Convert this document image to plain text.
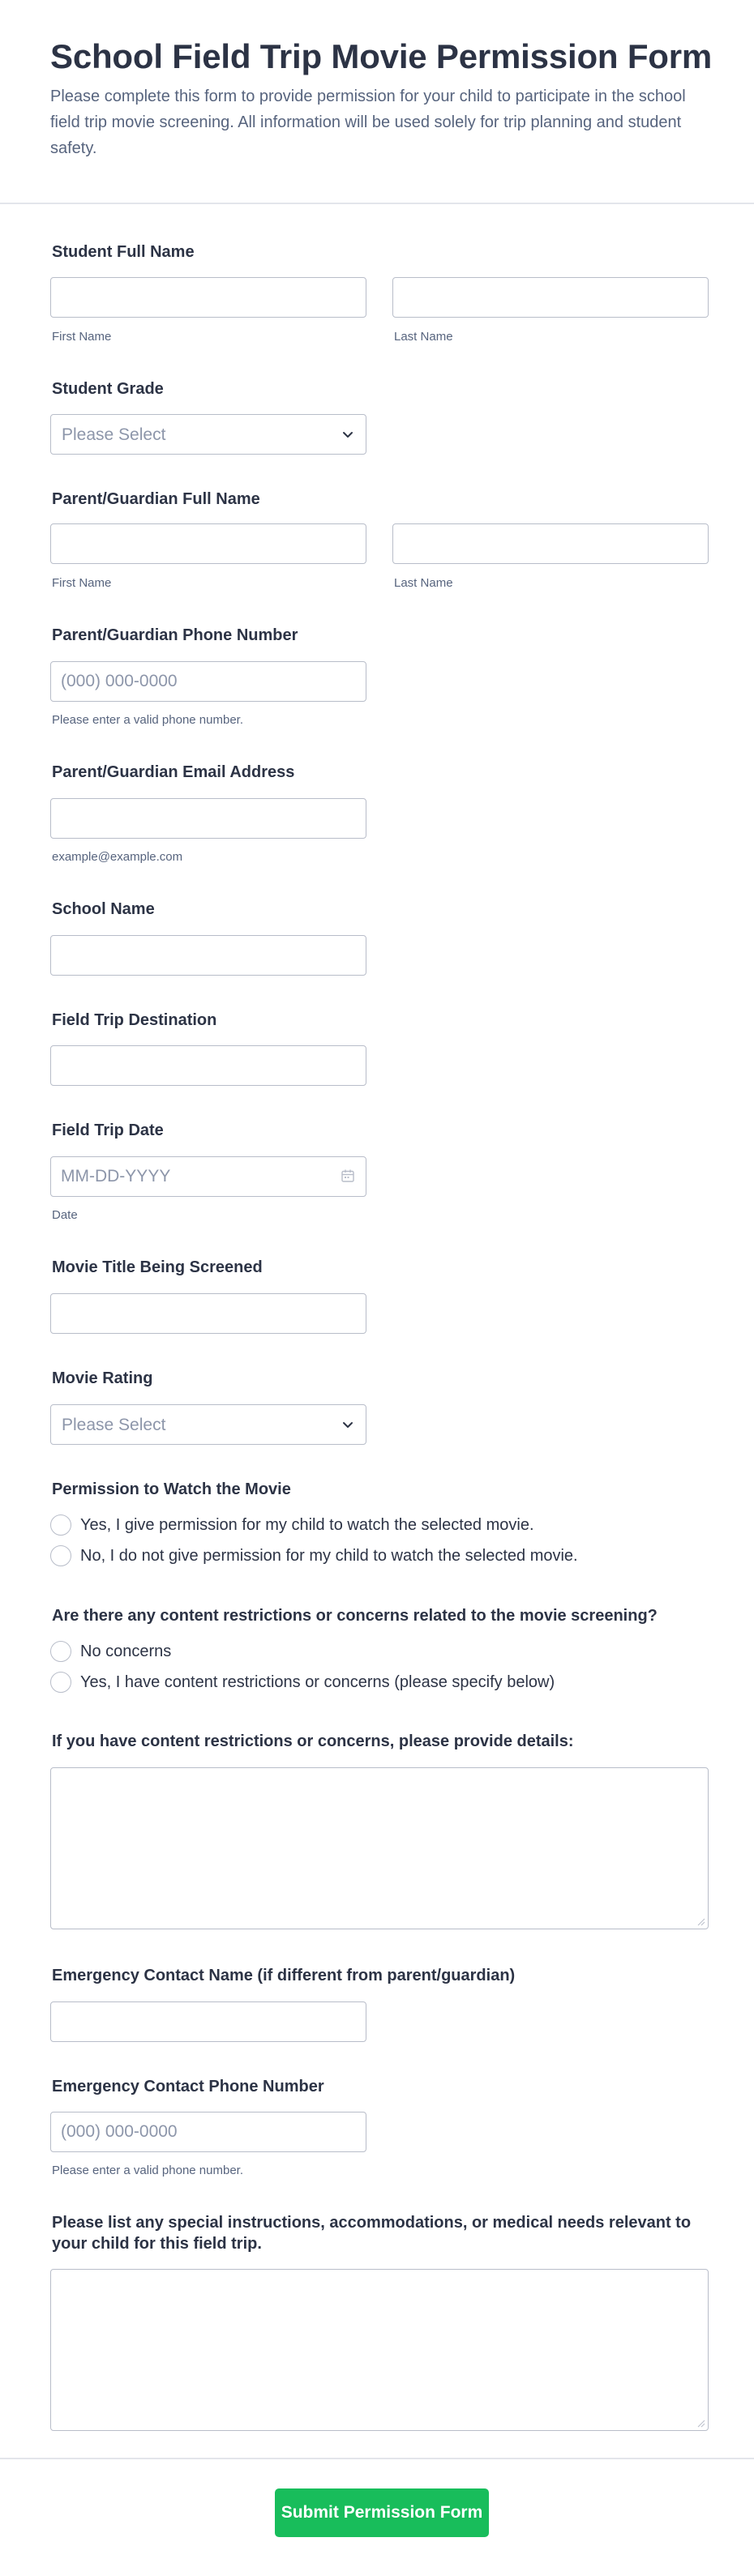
School Field Trip Movie Permission Form

Please complete this form to provide permission for your child to participate in the school field trip movie screening. All information will be used solely for trip planning and student safety.

Student Full Name
First Name	Last Name
Student Grade
Please Select
Parent/Guardian Full Name
First Name	Last Name
Parent/Guardian Phone Number
(000) 000-0000
Please enter a valid phone number.
Parent/Guardian Email Address
example@example.com
School Name
Field Trip Destination
Field Trip Date
MM-DD-YYYY
Date
Movie Title Being Screened
Movie Rating
Please Select
Permission to Watch the Movie
Yes, I give permission for my child to watch the selected movie.
No, I do not give permission for my child to watch the selected movie.
Are there any content restrictions or concerns related to the movie screening?
No concerns
Yes, I have content restrictions or concerns (please specify below)
If you have content restrictions or concerns, please provide details:
Emergency Contact Name (if different from parent/guardian)
Emergency Contact Phone Number
(000) 000-0000
Please enter a valid phone number.
Please list any special instructions, accommodations, or medical needs relevant to
your child for this field trip.
Submit Permission Form
